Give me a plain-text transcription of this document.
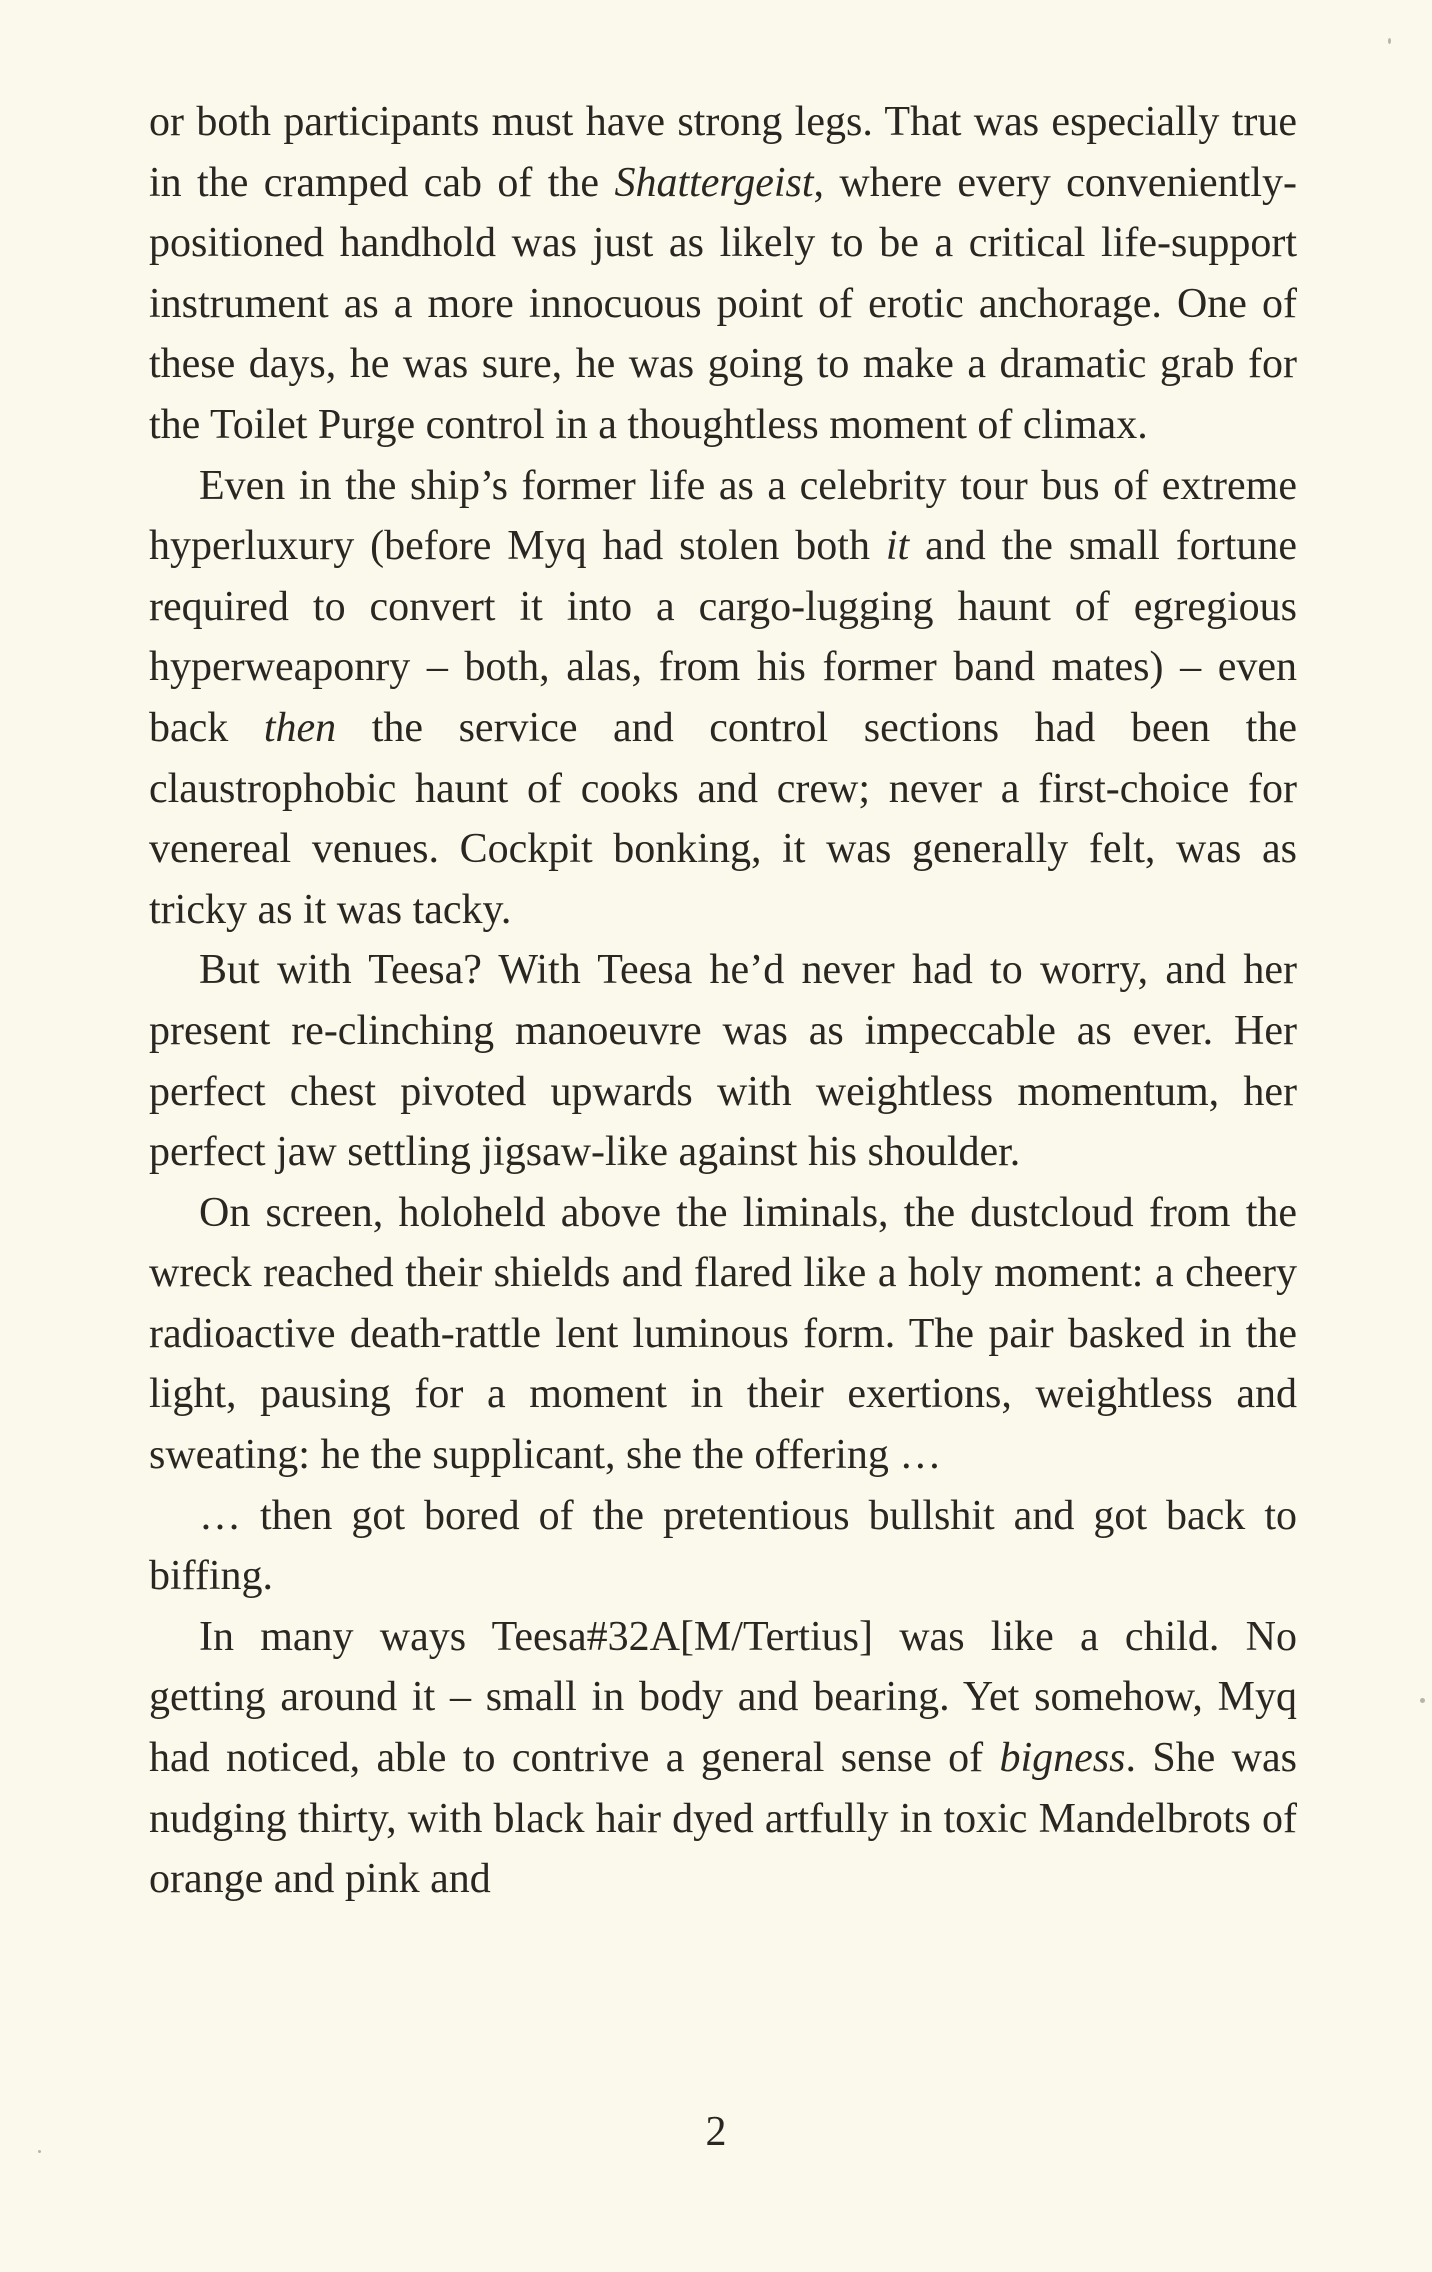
or both participants must have strong legs. That was especially true in the cramped cab of the Shattergeist, where every conveniently-positioned handhold was just as likely to be a critical life-support instrument as a more innocuous point of erotic anchorage. One of these days, he was sure, he was going to make a dramatic grab for the Toilet Purge control in a thoughtless moment of climax.

Even in the ship’s former life as a celebrity tour bus of extreme hyperluxury (before Myq had stolen both it and the small fortune required to convert it into a cargo-lugging haunt of egregious hyperweaponry – both, alas, from his former band mates) – even back then the service and control sections had been the claustrophobic haunt of cooks and crew; never a first-choice for venereal venues. Cockpit bonking, it was generally felt, was as tricky as it was tacky.

But with Teesa? With Teesa he’d never had to worry, and her present re-clinching manoeuvre was as impeccable as ever. Her perfect chest pivoted upwards with weightless momentum, her perfect jaw settling jigsaw-like against his shoulder.

On screen, holoheld above the liminals, the dustcloud from the wreck reached their shields and flared like a holy moment: a cheery radioactive death-rattle lent luminous form. The pair basked in the light, pausing for a moment in their exertions, weightless and sweating: he the supplicant, she the offering …

… then got bored of the pretentious bullshit and got back to biffing.

In many ways Teesa#32A[M/Tertius] was like a child. No getting around it – small in body and bearing. Yet somehow, Myq had noticed, able to contrive a general sense of bigness. She was nudging thirty, with black hair dyed artfully in toxic Mandelbrots of orange and pink and

2
